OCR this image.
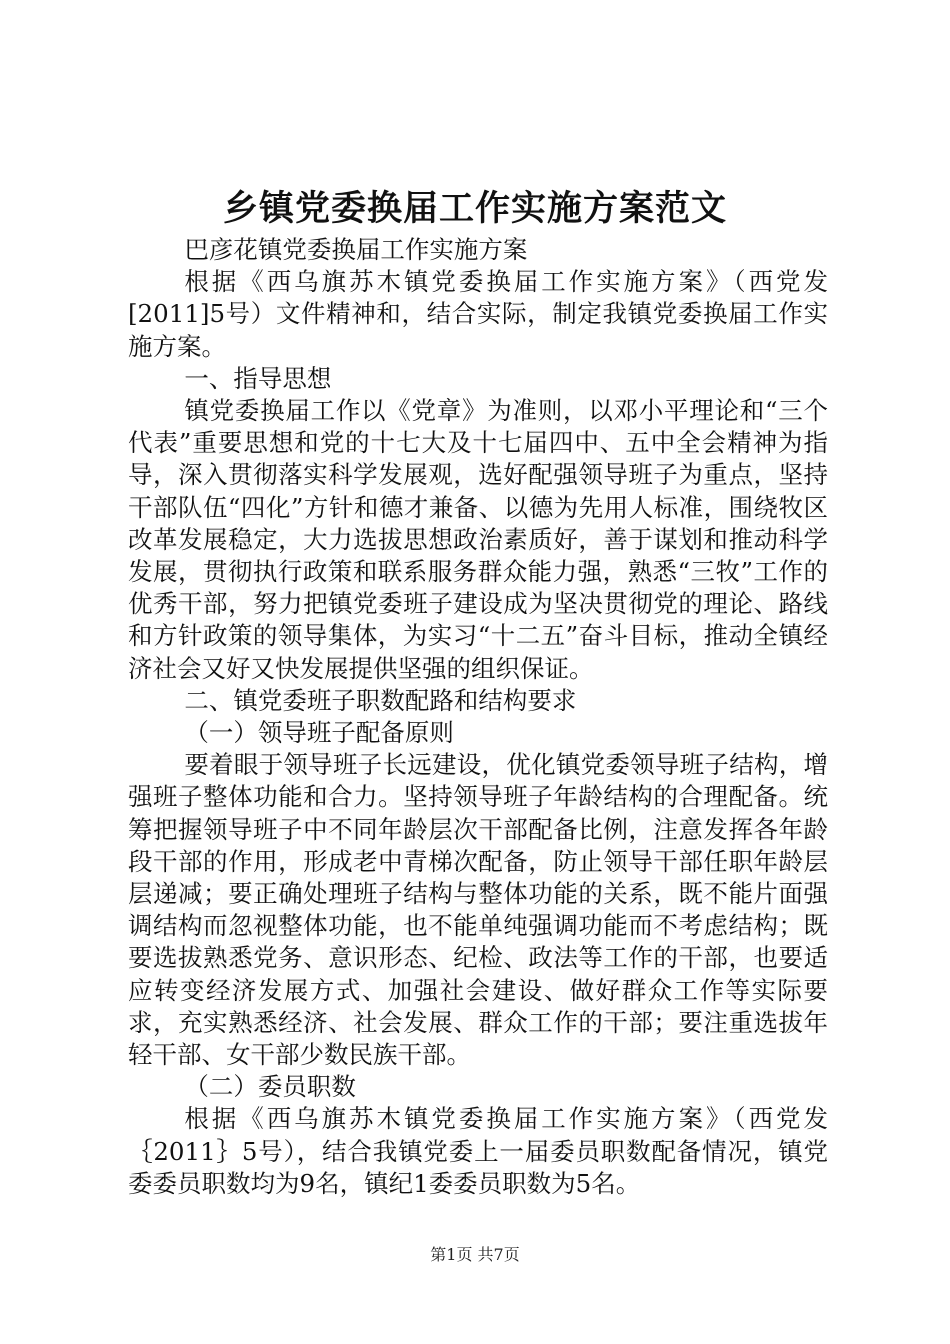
乡镇党委换届工作实施方案范文

巴彦花镇党委换届工作实施方案

根据《西乌旗苏木镇党委换届工作实施方案》（西党发[2011]5号）文件精神和，结合实际，制定我镇党委换届工作实施方案。

一、指导思想

镇党委换届工作以《党章》为准则，以邓小平理论和“三个代表”重要思想和党的十七大及十七届四中、五中全会精神为指导，深入贯彻落实科学发展观，选好配强领导班子为重点，坚持干部队伍“四化”方针和德才兼备、以德为先用人标准，围绕牧区改革发展稳定，大力选拔思想政治素质好，善于谋划和推动科学发展，贯彻执行政策和联系服务群众能力强，熟悉“三牧”工作的优秀干部，努力把镇党委班子建设成为坚决贯彻党的理论、路线和方针政策的领导集体，为实习“十二五”奋斗目标，推动全镇经济社会又好又快发展提供坚强的组织保证。

二、镇党委班子职数配路和结构要求

（一）领导班子配备原则

要着眼于领导班子长远建设，优化镇党委领导班子结构，增强班子整体功能和合力。坚持领导班子年龄结构的合理配备。统筹把握领导班子中不同年龄层次干部配备比例，注意发挥各年龄段干部的作用，形成老中青梯次配备，防止领导干部任职年龄层层递减；要正确处理班子结构与整体功能的关系，既不能片面强调结构而忽视整体功能，也不能单纯强调功能而不考虑结构；既要选拔熟悉党务、意识形态、纪检、政法等工作的干部，也要适应转变经济发展方式、加强社会建设、做好群众工作等实际要求，充实熟悉经济、社会发展、群众工作的干部；要注重选拔年轻干部、女干部少数民族干部。

（二）委员职数

根据《西乌旗苏木镇党委换届工作实施方案》（西党发｛2011｝5号），结合我镇党委上一届委员职数配备情况，镇党委委员职数均为9名，镇纪1委委员职数为5名。

第1页 共7页
